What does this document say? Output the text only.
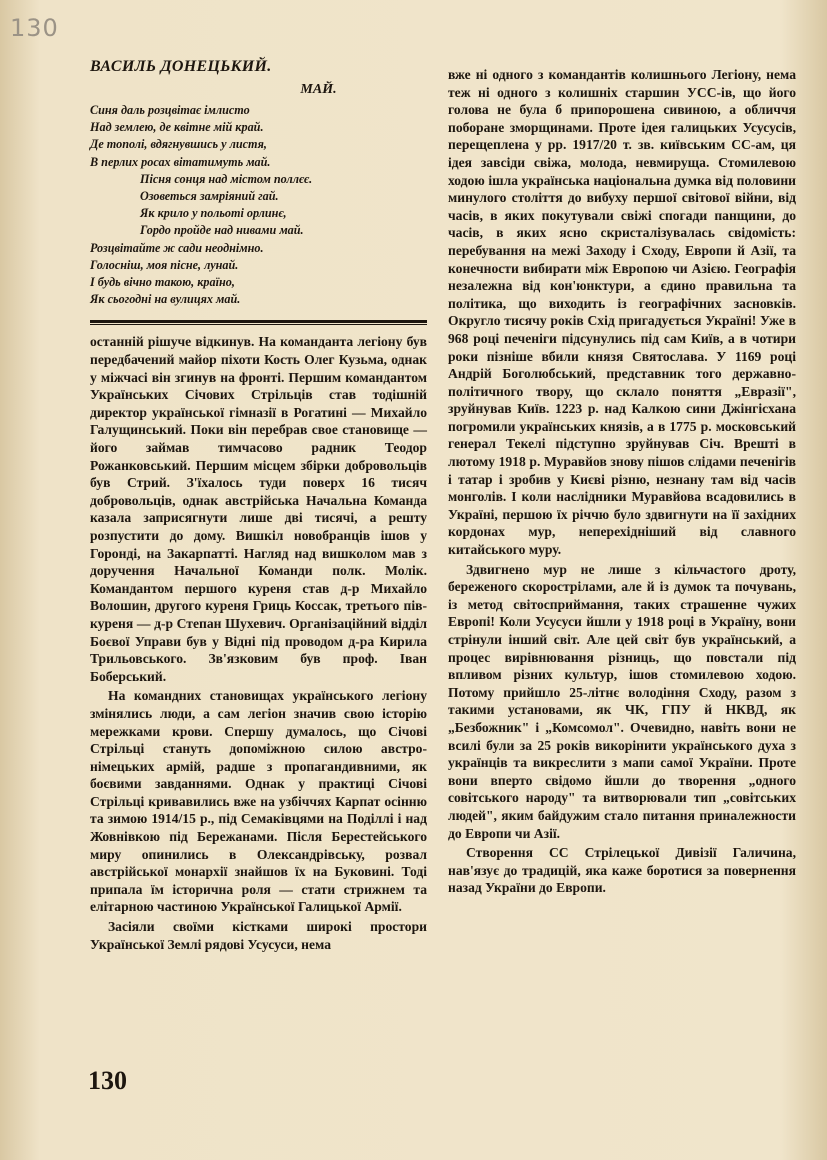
130
ВАСИЛЬ ДОНЕЦЬКИЙ.
МАЙ.
Синя даль розцвітає імлисто
Над землею, де квітне мій край.
Де тополі, вдягнувшись у листя,
В перлих росах вітатимуть май.
Пісня сонця над містом поллєє.
Озоветься замріяний гай.
Як крило у польоті орлинє,
Гордо пройде над нивами май.
Розцвітайте ж сади неоднімно.
Голосніш, моя пісне, лунай.
І будь вічно такою, країно,
Як сьогодні на вулицях май.

останній рішуче відкинув. На команданта легіону був передбачений майор піхоти Кость Олег Кузьма, однак у міжчасі він згинув на фронті. Першим командантом Українських Січових Стрільців став тодішній директор української гімназії в Рогатині — Михайло Галущинський. Поки він перебрав свое становище — його займав тимчасово радник Теодор Рожанковський. Першим місцем збірки добровольців був Стрий. З'їхалось туди поверх 16 тисяч добровольців, однак австрійська Начальна Команда казала заприсягнути лише дві тисячі, а решту розпустити до дому. Вишкіл новобранців ішов у Горонді, на Закарпатті. Нагляд над вишколом мав з доручення Начальної Команди полк. Молік. Командантом першого куреня став д-р Михайло Волошин, другого куреня Гриць Коссак, третього пів-куреня — д-р Степан Шухевич. Організаційний відділ Боєвої Управи був у Відні під проводом д-ра Кирила Трильовського. Зв'язковим був проф. Іван Боберський.

На командних становищах українського легіону змінялись люди, а сам легіон значив свою історію мережками крови. Спершу думалось, що Січові Стрільці стануть допоміжною силою австро-німецьких армій, радше з пропагандивними, як боєвими завданнями. Однак у практиці Січові Стрільці кривавились вже на узбіччях Карпат осінню та зимою 1914/15 р., під Семаківцями на Поділлі і над Жовнівкою під Бережанами. Після Берестейського миру опинились в Олександрівську, розвал австрійської монархії знайшов їх на Буковині. Тоді припала їм історична роля — стати стрижнем та елітарною частиною Української Галицької Армії.

Засіяли своїми кістками широкі простори Української Землі рядові Усусуси, нема

вже ні одного з командантів колишнього Легіону, нема теж ні одного з колишніх старшин УСС-ів, що його голова не була б припорошена сивиною, а обличчя поборане зморщинами. Проте ідея галицьких Усусусів, перещеплена у рр. 1917/20 т. зв. київським СС-ам, ця ідея завсіди свіжа, молода, невмируща. Стомилевою ходою ішла українська національна думка від половини минулого століття до вибуху першої світової війни, від часів, в яких покутували свіжі спогади панщини, до часів, в яких ясно скристалізувалась свідомість: перебування на межі Заходу і Сходу, Европи й Азії, та конечности вибирати між Европою чи Азією. Географія незалежна від кон'юнктури, а єдино правильна та політика, що виходить із географічних засновків. Округло тисячу років Схід пригадується Україні! Уже в 968 році печеніги підсунулись під сам Київ, а в чотири роки пізніше вбили князя Святослава. У 1169 році Андрій Боголюбський, представник того державно-політичного твору, що склало поняття „Евразії", зруйнував Київ. 1223 р. над Калкою сини Джінгісхана погромили українських князів, а в 1775 р. московський генерал Текелі підступно зруйнував Січ. Врешті в лютому 1918 р. Муравйов знову пішов слідами печенігів і татар і зробив у Києві різню, незнану там від часів монголів. І коли наслідники Муравйова всадовились в Україні, першою їх річчю було здвигнути на її західних кордонах мур, неперехідніший від славного китайського муру.

Здвигнено мур не лише з кільчастого дроту, береженого скорострілами, але й із думок та почувань, із метод світосприймання, таких страшенне чужих Европі! Коли Усусуси йшли у 1918 році в Україну, вони стрінули інший світ. Але цей світ був український, а процес вирівнювання різниць, що повстали під впливом різних культур, ішов стомилевою ходою. Потому прийшло 25-літнє володіння Сходу, разом з такими установами, як ЧК, ГПУ й НКВД, як „Безбожник" і „Комсомол". Очевидно, навіть вони не всилі були за 25 років викорінити українського духа з українців та викреслити з мапи самої України. Проте вони вперто свідомо йшли до творення „одного совітського народу" та витворювали тип „совітських людей", яким байдужим стало питання приналежности до Европи чи Азії.

Створення СС Стрілецької Дивізії Галичина, нав'язує до традицій, яка каже боротися за повернення назад України до Европи.

130
